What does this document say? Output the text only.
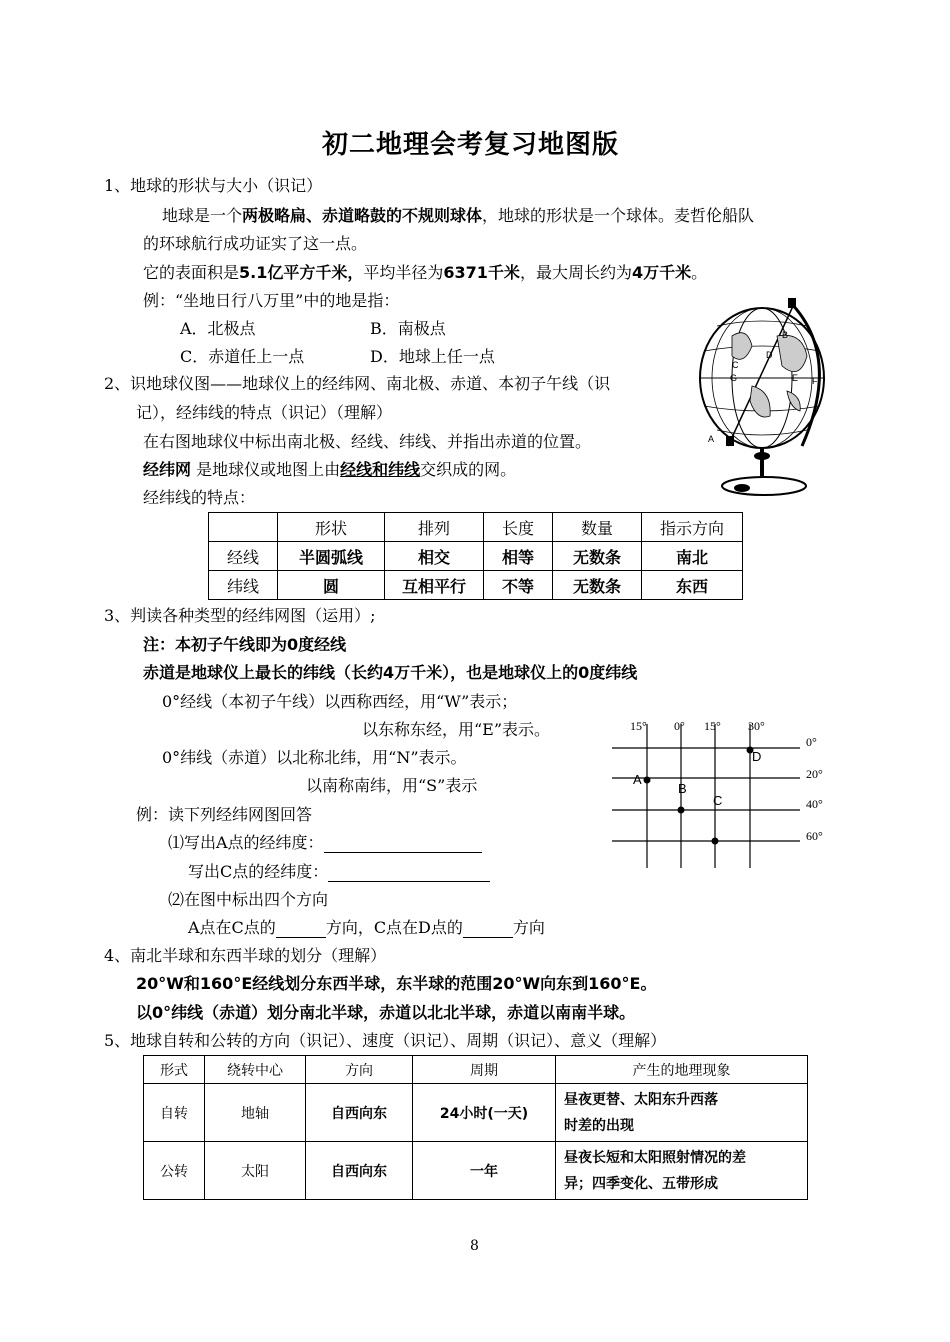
初二地理会考复习地图版
1、地球的形状与大小（识记）
地球是一个两极略扁、赤道略鼓的不规则球体，地球的形状是一个球体。麦哲伦船队
的环球航行成功证实了这一点。
它的表面积是5.1亿平方千米，平均半径为6371千米，最大周长约为4万千米。
例：“坐地日行八万里”中的地是指：
A．北极点	B．南极点
C．赤道任上一点	D．地球上任一点
B
C
G
D
F
E
A
2、识地球仪图——地球仪上的经纬网、南北极、赤道、本初子午线（识
记），经纬线的特点（识记）（理解）
在右图地球仪中标出南北极、经线、纬线、并指出赤道的位置。
经纬网 是地球仪或地图上由经线和纬线交织成的网。
经纬线的特点：
	形状	排列	长度	数量	指示方向
经线	半圆弧线	相交	相等	无数条	南北
纬线	圆	互相平行	不等	无数条	东西
3、判读各种类型的经纬网图（运用）;
注：本初子午线即为0度经线
赤道是地球仪上最长的纬线（长约4万千米），也是地球仪上的0度纬线
0°经线（本初子午线）以西称西经，用“W”表示；
以东称东经，用“E”表示。
0°纬线（赤道）以北称北纬，用“N”表示。
以南称南纬，用“S”表示
例：读下列经纬网图回答
⑴写出A点的经纬度：
写出C点的经纬度：
⑵在图中标出四个方向
A点在C点的	方向，C点在D点的	方向
15° 0° 15° 30°
0°
20°
40°
60°
A
B
C
D
4、南北半球和东西半球的划分（理解）
20°W和160°E经线划分东西半球，东半球的范围20°W向东到160°E。
以0°纬线（赤道）划分南北半球，赤道以北北半球，赤道以南南半球。
5、地球自转和公转的方向（识记）、速度（识记）、周期（识记）、意义（理解）
形式	绕转中心	方向	周期	产生的地理现象
自转	地轴	自西向东	24小时(一天)	昼夜更替、太阳东升西落
时差的出现

公转	太阳	自西向东	一年	昼夜长短和太阳照射情况的差
异；四季变化、五带形成
8
